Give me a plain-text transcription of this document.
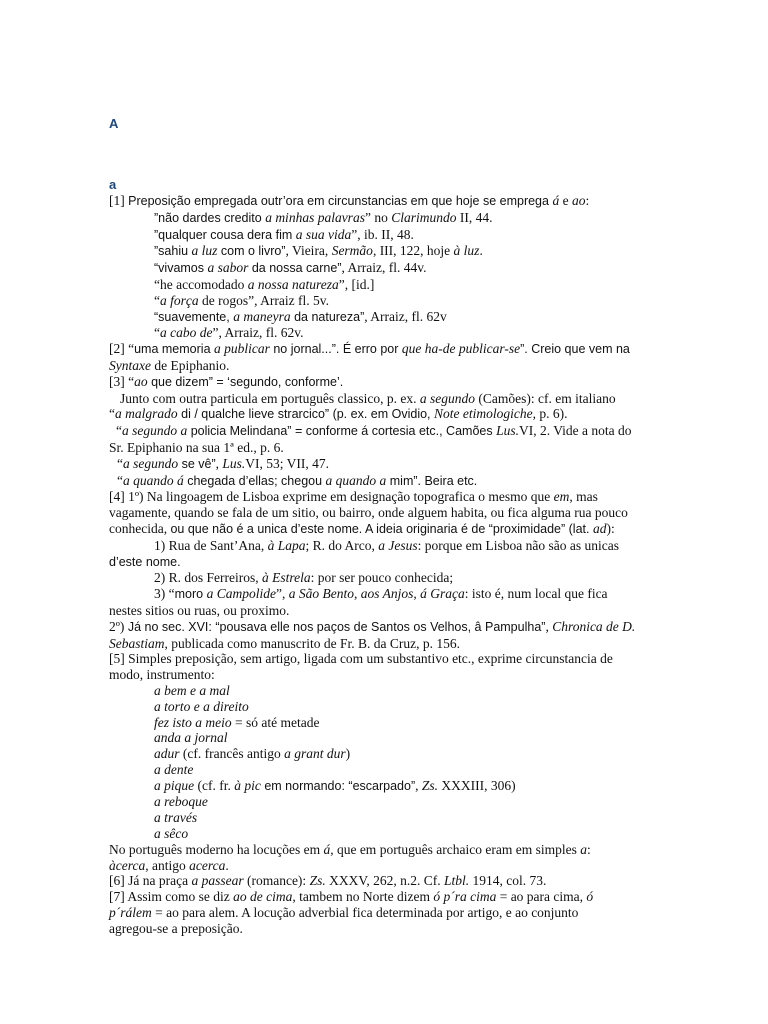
A
a
[1] Preposição empregada outr’ora em circunstancias em que hoje se emprega á e ao:
”não dardes credito a minhas palavras” no Clarimundo II, 44.
”qualquer cousa dera fim a sua vida”, ib. II, 48.
”sahiu a luz com o livro”, Vieira, Sermão, III, 122, hoje à luz.
“vivamos a sabor da nossa carne”, Arraiz, fl. 44v.
“he accomodado a nossa natureza”, [id.]
“a força de rogos”, Arraiz fl. 5v.
“suavemente, a maneyra da natureza”, Arraiz, fl. 62v
“a cabo de”, Arraiz, fl. 62v.
[2] “uma memoria a publicar no jornal...”. É erro por que ha-de publicar-se”. Creio que vem na
Syntaxe de Epiphanio.
[3] “ao que dizem” = ‘segundo, conforme’.
Junto com outra particula em português classico, p. ex. a segundo (Camões): cf. em italiano
“a malgrado di / qualche lieve strarcico” (p. ex. em Ovidio, Note etimologiche, p. 6).
“a segundo a policia Melindana” = conforme á cortesia etc., Camões Lus.VI, 2. Vide a nota do
Sr. Epiphanio na sua 1ª ed., p. 6.
“a segundo se vê”, Lus.VI, 53; VII, 47.
“a quando á chegada d’ellas; chegou a quando a mim”. Beira etc.
[4] 1º) Na lingoagem de Lisboa exprime em designação topografica o mesmo que em, mas
vagamente, quando se fala de um sitio, ou bairro, onde alguem habita, ou fica alguma rua pouco
conhecida, ou que não é a unica d’este nome. A ideia originaria é de “proximidade” (lat. ad):
1) Rua de Sant’Ana, à Lapa; R. do Arco, a Jesus: porque em Lisboa não são as unicas
d’este nome.
2) R. dos Ferreiros, à Estrela: por ser pouco conhecida;
3) “moro a Campolide”, a São Bento, aos Anjos, á Graça: isto é, num local que fica
nestes sitios ou ruas, ou proximo.
2º) Já no sec. XVI: “pousava elle nos paços de Santos os Velhos, â Pampulha”, Chronica de D.
Sebastiam, publicada como manuscrito de Fr. B. da Cruz, p. 156.
[5] Simples preposição, sem artigo, ligada com um substantivo etc., exprime circunstancia de
modo, instrumento:
a bem e a mal
a torto e a direito
fez isto a meio = só até metade
anda a jornal
adur (cf. francês antigo a grant dur)
a dente
a pique (cf. fr. à pic em normando: “escarpado”, Zs. XXXIII, 306)
a reboque
a través
a sêco
No português moderno ha locuções em á, que em português archaico eram em simples a:
àcerca, antigo acerca.
[6] Já na praça a passear (romance): Zs. XXXV, 262, n.2. Cf. Ltbl. 1914, col. 73.
[7] Assim como se diz ao de cima, tambem no Norte dizem ó p´ra cima = ao para cima, ó
p´rálem = ao para alem. A locução adverbial fica determinada por artigo, e ao conjunto
agregou-se a preposição.
